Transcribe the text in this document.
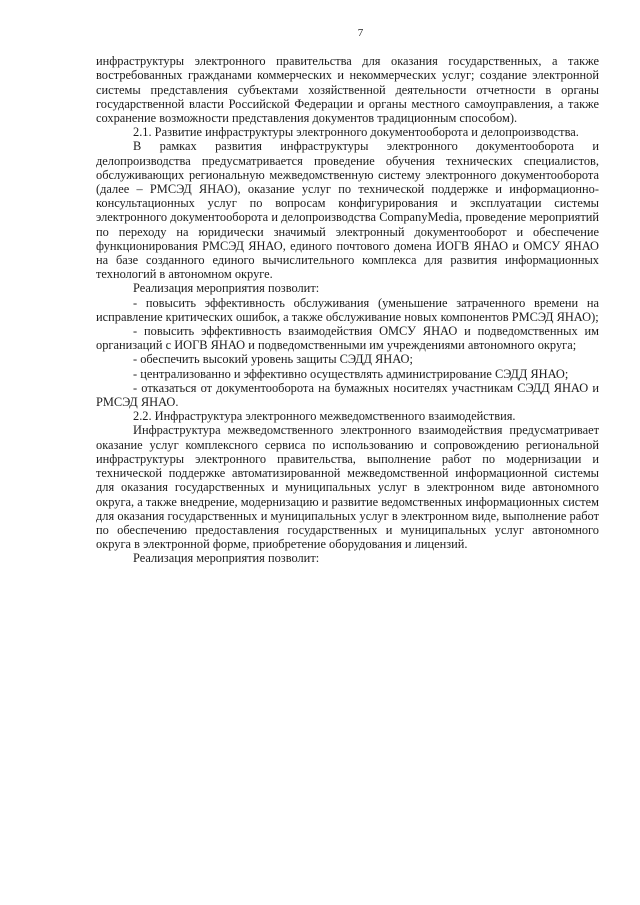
7

инфраструктуры электронного правительства для оказания государственных, а также востребованных гражданами коммерческих и некоммерческих услуг; создание электронной системы представления субъектами хозяйственной деятельности отчетности в органы государственной власти Российской Федерации и органы местного самоуправления, а также сохранение возможности представления документов традиционным способом).

2.1. Развитие инфраструктуры электронного документооборота и делопроизводства.

В рамках развития инфраструктуры электронного документооборота и делопроизводства предусматривается проведение обучения технических специалистов, обслуживающих региональную межведомственную систему электронного документооборота (далее – РМСЭД ЯНАО), оказание услуг по технической поддержке и информационно-консультационных услуг по вопросам конфигурирования и эксплуатации системы электронного документооборота и делопроизводства CompanyMedia, проведение мероприятий по переходу на юридически значимый электронный документооборот и обеспечение функционирования РМСЭД ЯНАО, единого почтового домена ИОГВ ЯНАО и ОМСУ ЯНАО на базе созданного единого вычислительного комплекса для развития информационных технологий в автономном округе.

Реализация мероприятия позволит:

- повысить эффективность обслуживания (уменьшение затраченного времени на исправление критических ошибок, а также обслуживание новых компонентов РМСЭД ЯНАО);

- повысить эффективность взаимодействия ОМСУ ЯНАО и подведомственных им организаций с ИОГВ ЯНАО и подведомственными им учреждениями автономного округа;

- обеспечить высокий уровень защиты СЭДД ЯНАО;

- централизованно и эффективно осуществлять администрирование СЭДД ЯНАО;

- отказаться от документооборота на бумажных носителях участникам СЭДД ЯНАО и РМСЭД ЯНАО.

2.2. Инфраструктура электронного межведомственного взаимодействия.

Инфраструктура межведомственного электронного взаимодействия предусматривает оказание услуг комплексного сервиса по использованию и сопровождению региональной инфраструктуры электронного правительства, выполнение работ по модернизации и технической поддержке автоматизированной межведомственной информационной системы для оказания государственных и муниципальных услуг в электронном виде автономного округа, а также внедрение, модернизацию и развитие ведомственных информационных систем для оказания государственных и муниципальных услуг в электронном виде, выполнение работ по обеспечению предоставления государственных и муниципальных услуг автономного округа в электронной форме, приобретение оборудования и лицензий.

Реализация мероприятия позволит:
